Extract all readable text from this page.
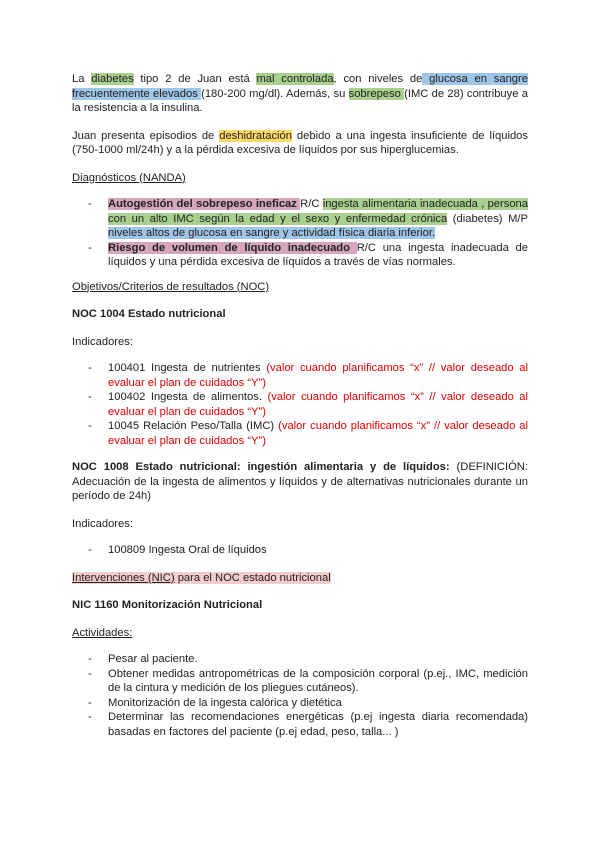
La diabetes tipo 2 de Juan está mal controlada, con niveles de glucosa en sangre frecuentemente elevados (180-200 mg/dl). Además, su sobrepeso (IMC de 28) contribuye a la resistencia a la insulina.

Juan presenta episodios de deshidratación debido a una ingesta insuficiente de líquidos (750-1000 ml/24h) y a la pérdida excesiva de líquidos por sus hiperglucemias.

Diagnósticos (NANDA)

- Autogestión del sobrepeso ineficaz R/C ingesta alimentaria inadecuada , persona con un alto IMC según la edad y el sexo y enfermedad crónica (diabetes) M/P niveles altos de glucosa en sangre y actividad física diaria inferior.
- Riesgo de volumen de líquido inadecuado R/C una ingesta inadecuada de líquidos y una pérdida excesiva de líquidos a través de vías normales.

Objetivos/Criterios de resultados (NOC)

NOC 1004 Estado nutricional

Indicadores:

- 100401 Ingesta de nutrientes (valor cuando planificamos “x” // valor deseado al evaluar el plan de cuidados “Y”)
- 100402 Ingesta de alimentos. (valor cuando planificamos “x” // valor deseado al evaluar el plan de cuidados “Y”)
- 10045 Relación Peso/Talla (IMC) (valor cuando planificamos “x” // valor deseado al evaluar el plan de cuidados “Y”)

NOC 1008 Estado nutricional: ingestión alimentaria y de líquidos: (DEFINICIÓN: Adecuación de la ingesta de alimentos y líquidos y de alternativas nutricionales durante un período de 24h)

Indicadores:

- 100809 Ingesta Oral de líquidos

Intervenciones (NIC) para el NOC estado nutricional

NIC 1160 Monitorización Nutricional

Actividades:

- Pesar al paciente.
- Obtener medidas antropométricas de la composición corporal (p.ej., IMC, medición de la cintura y medición de los pliegues cutáneos).
- Monitorización de la ingesta calórica y dietética
- Determinar las recomendaciones energéticas (p.ej ingesta diaria recomendada) basadas en factores del paciente (p.ej edad, peso, talla... )
